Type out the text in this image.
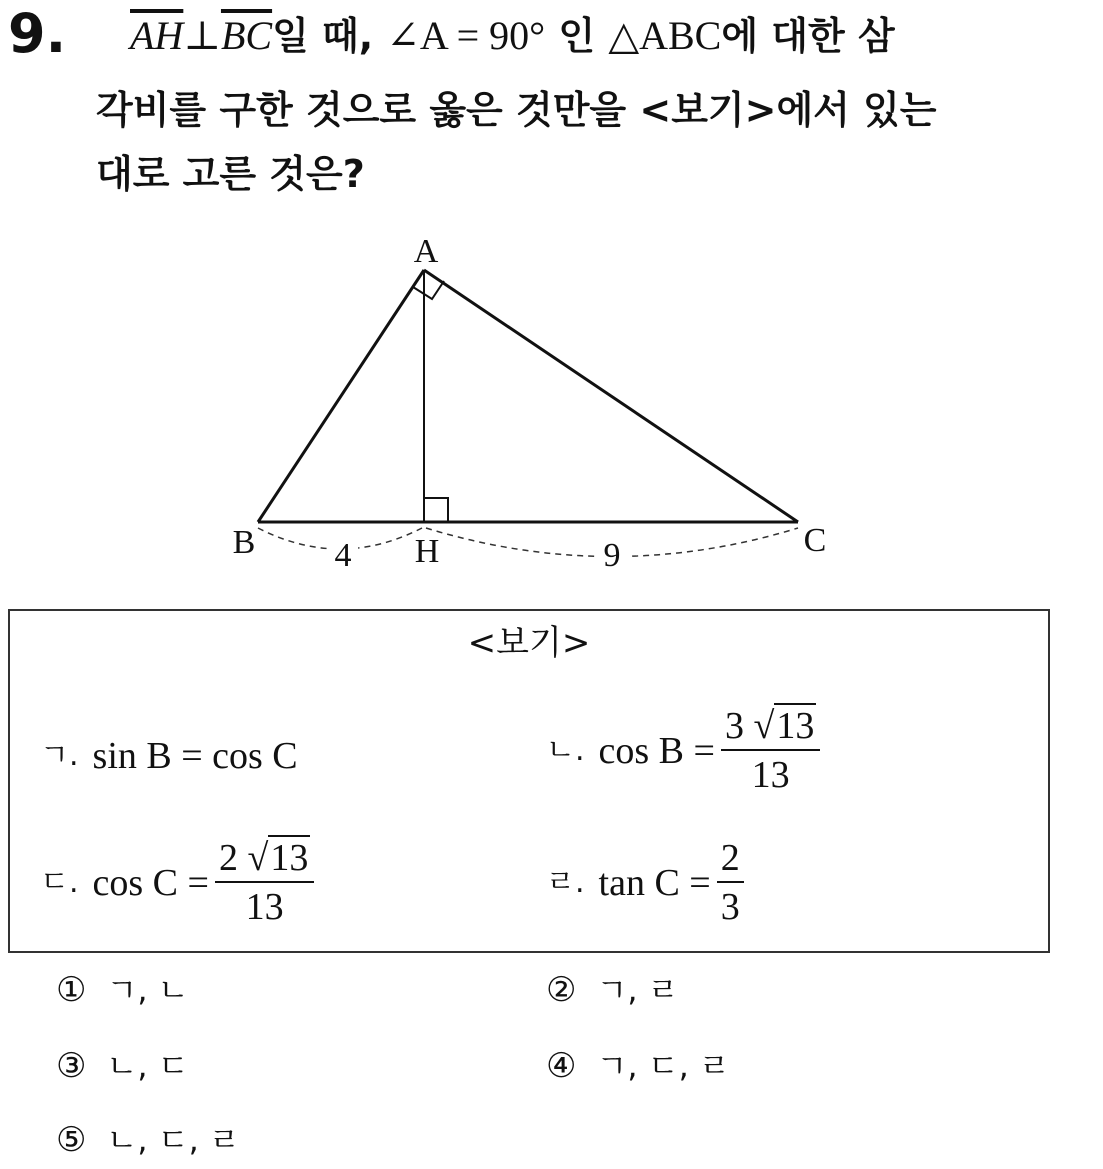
9. $\overline{AH}\perp\overline{BC}$일 때, ∠A = 90° 인 △ABC에 대한 삼
각비를 구한 것으로 옳은 것만을 <보기>에서 있는
대로 고른 것은?
A
B	C
H
4	9
<보기>
ㄱ. sin B = cos C	ㄴ. $\cos B = \frac{3 √13}{13}$
ㄷ. $\cos C = \frac{2 √13}{13}$	ㄹ. $\tan C = \frac{2}{3}$
① ㄱ, ㄴ	② ㄱ, ㄹ
③ ㄴ, ㄷ	④ ㄱ, ㄷ, ㄹ
⑤ ㄴ, ㄷ, ㄹ
